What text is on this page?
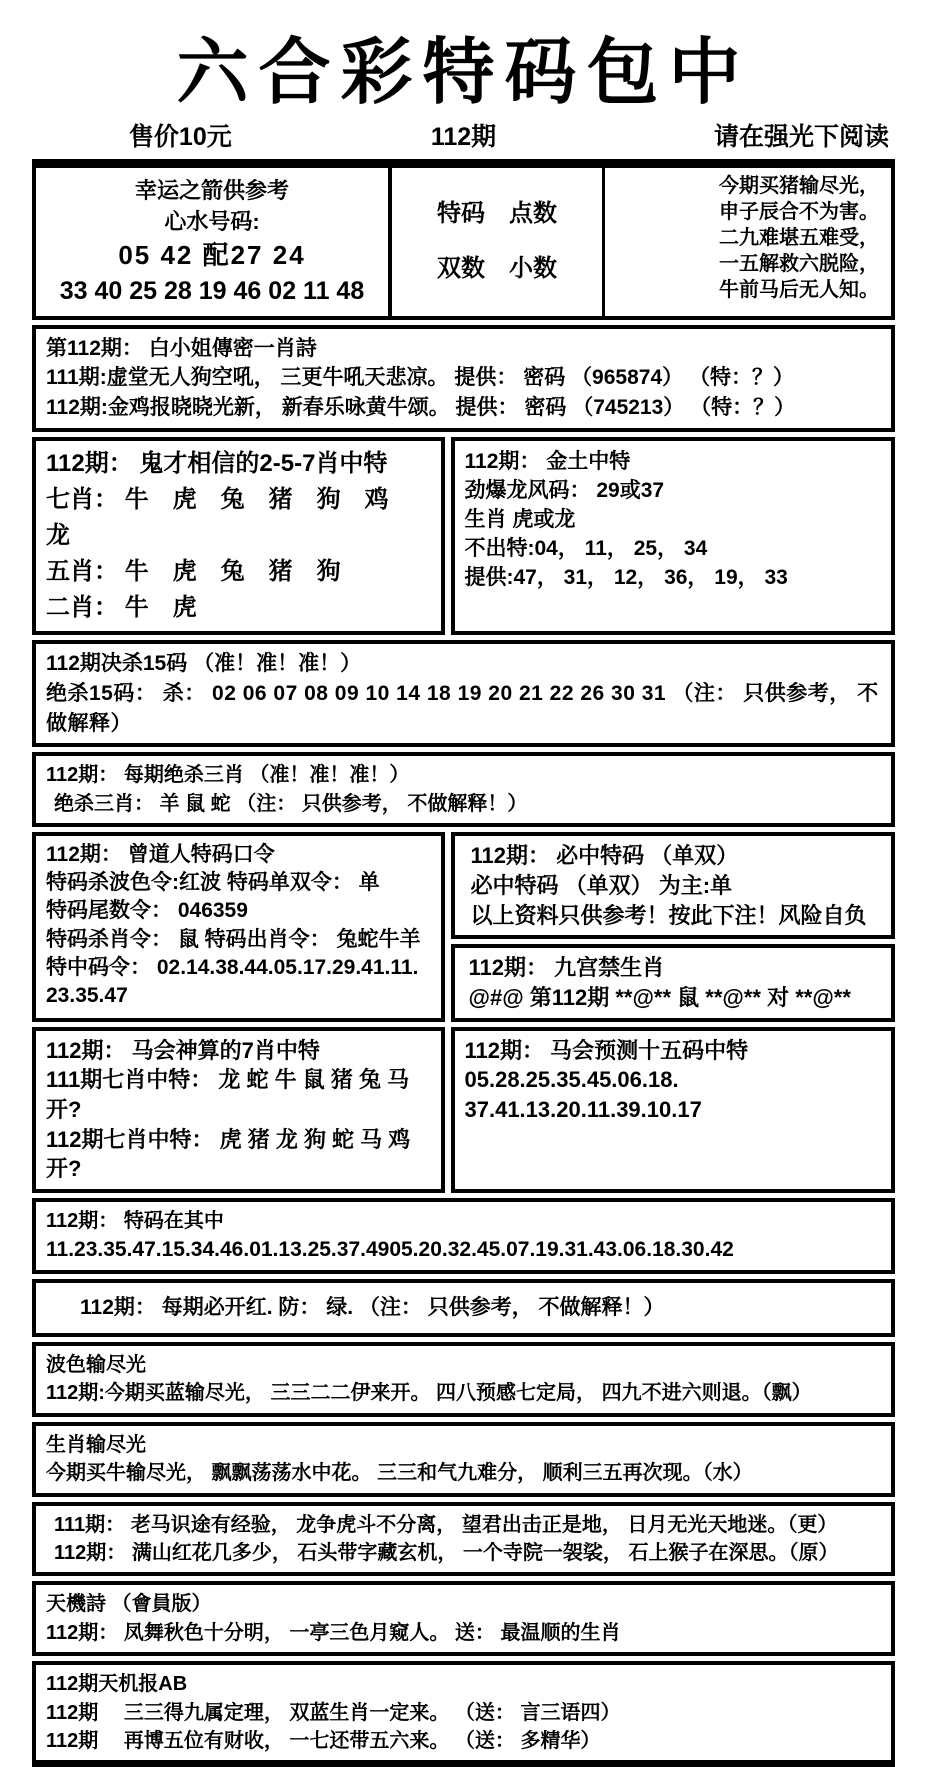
六合彩特码包中
售价10元	112期	请在强光下阅读
幸运之箭供参考
心水号码:
05 42 配27 24
33 40 25 28 19 46 02 11 48
特码　点数
双数　小数
今期买猪输尽光，
申子辰合不为害。
二九难堪五难受，
一五解救六脱险，
牛前马后无人知。
第112期： 白小姐傳密一肖詩
111期:虚堂无人狗空吼， 三更牛吼天悲凉。 提供： 密码 （965874） （特：？）
112期:金鸡报晓晓光新， 新春乐咏黄牛颂。 提供： 密码 （745213） （特：？）
112期： 鬼才相信的2-5-7肖中特
七肖： 牛　虎　兔　猪　狗　鸡　龙
五肖： 牛　虎　兔　猪　狗
二肖： 牛　虎
112期： 金土中特
劲爆龙风码： 29或37
生肖 虎或龙
不出特:04， 11， 25， 34
提供:47， 31， 12， 36， 19， 33
112期决杀15码 （准！准！准！）
绝杀15码： 杀： 02 06 07 08 09 10 14 18 19 20 21 22 26 30 31 （注： 只供参考， 不做解释）
112期： 每期绝杀三肖 （准！准！准！）
绝杀三肖： 羊 鼠 蛇 （注： 只供参考， 不做解释！）
112期： 曾道人特码口令
特码杀波色令:红波 特码单双令： 单
特码尾数令： 046359
特码杀肖令： 鼠 特码出肖令： 兔蛇牛羊
特中码令： 02.14.38.44.05.17.29.41.11.
23.35.47
112期： 必中特码 （单双）
必中特码 （单双） 为主:单
以上资料只供参考！按此下注！风险自负
112期： 九宫禁生肖
@#@ 第112期 **@** 鼠 **@** 对 **@**
112期： 马会神算的7肖中特
111期七肖中特： 龙 蛇 牛 鼠 猪 兔 马开?
112期七肖中特： 虎 猪 龙 狗 蛇 马 鸡开?
112期： 马会预测十五码中特
05.28.25.35.45.06.18.
37.41.13.20.11.39.10.17
112期： 特码在其中
11.23.35.47.15.34.46.01.13.25.37.4905.20.32.45.07.19.31.43.06.18.30.42
112期： 每期必开红. 防： 绿. （注： 只供参考， 不做解释！）
波色输尽光
112期:今期买蓝输尽光， 三三二二伊来开。 四八预感七定局， 四九不进六则退。（飘）
生肖输尽光
今期买牛输尽光， 飘飘荡荡水中花。 三三和气九难分， 顺利三五再次现。（水）
111期： 老马识途有经验， 龙争虎斗不分离， 望君出击正是地， 日月无光天地迷。（更）
112期： 满山红花几多少， 石头带字藏玄机， 一个寺院一袈裟， 石上猴子在深思。（原）
天機詩 （會員版）
112期： 凤舞秋色十分明， 一亭三色月窥人。 送： 最温顺的生肖
112期天机报AB
112期　 三三得九属定理， 双蓝生肖一定来。 （送： 言三语四）
112期　 再博五位有财收， 一七还带五六来。 （送： 多精华）
